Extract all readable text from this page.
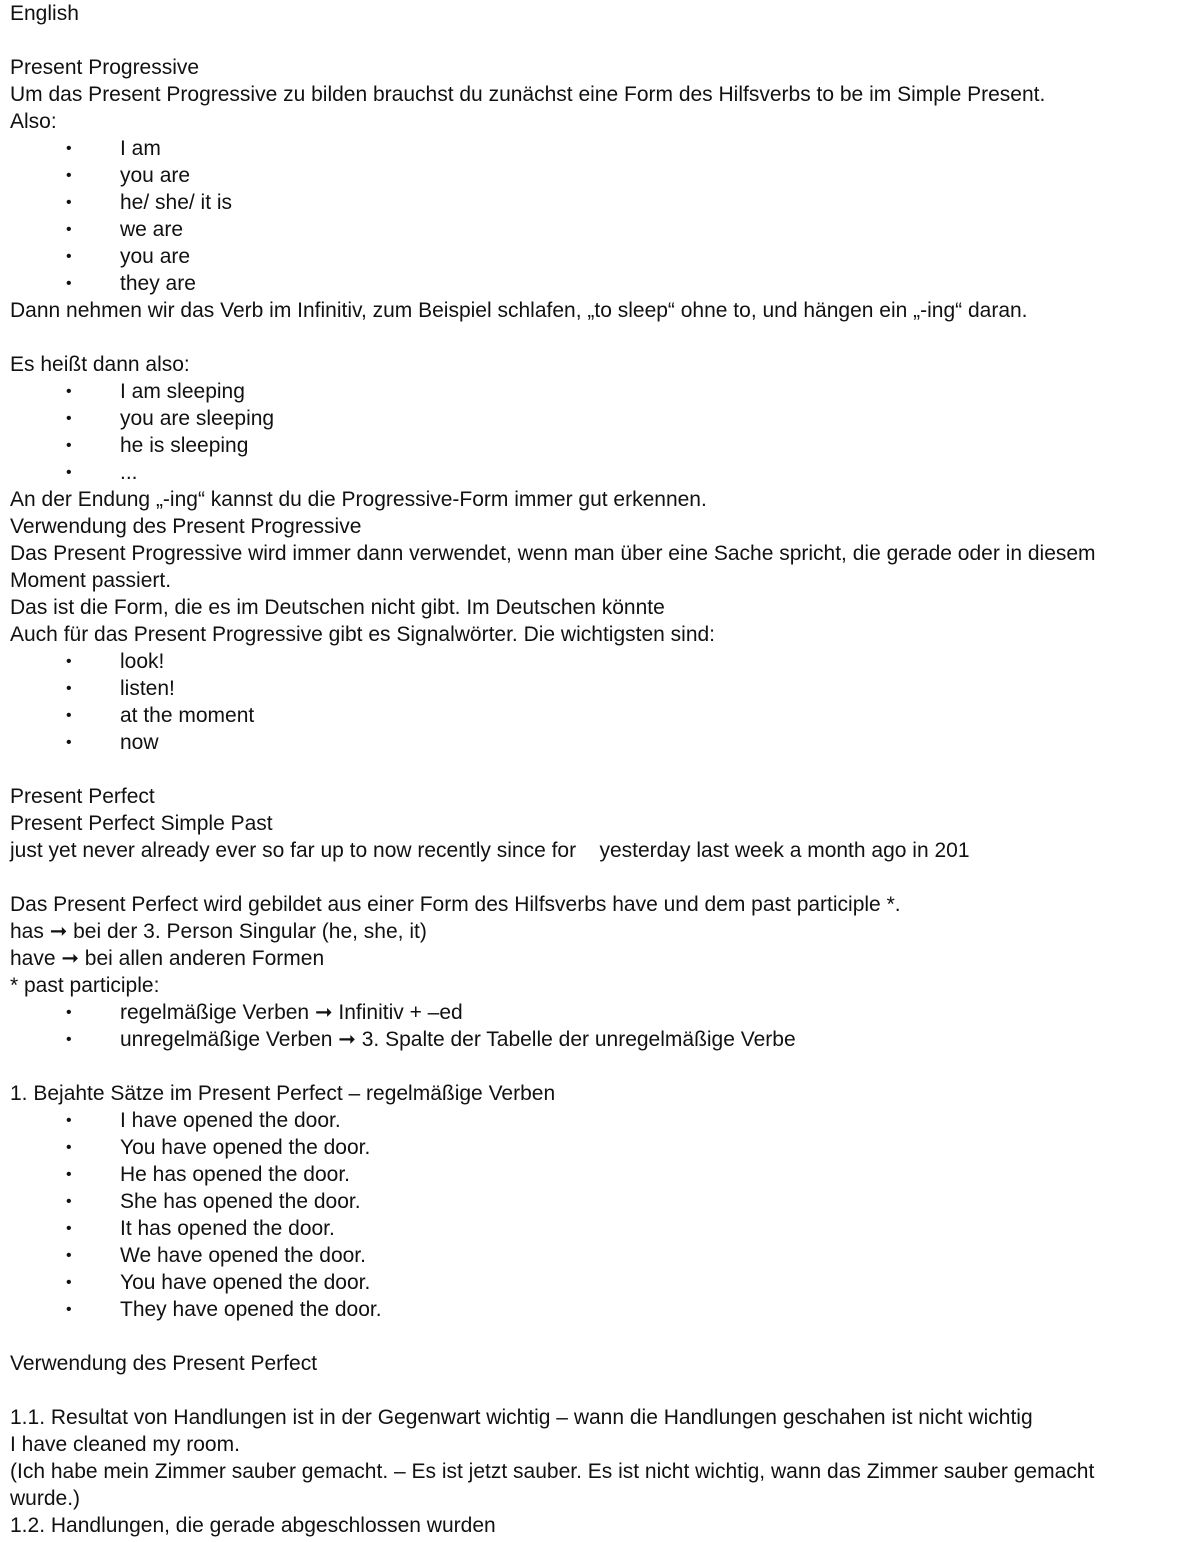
English
Present Progressive
Um das Present Progressive zu bilden brauchst du zunächst eine Form des Hilfsverbs to be im Simple Present.
Also:
• I am
• you are
• he/ she/ it is
• we are
• you are
• they are
Dann nehmen wir das Verb im Infinitiv, zum Beispiel schlafen, „to sleep“ ohne to, und hängen ein „-ing“ daran.
Es heißt dann also:
• I am sleeping
• you are sleeping
• he is sleeping
• ...
An der Endung „-ing“ kannst du die Progressive-Form immer gut erkennen.
Verwendung des Present Progressive
Das Present Progressive wird immer dann verwendet, wenn man über eine Sache spricht, die gerade oder in diesem Moment passiert.
Das ist die Form, die es im Deutschen nicht gibt. Im Deutschen könnte
Auch für das Present Progressive gibt es Signalwörter. Die wichtigsten sind:
• look!
• listen!
• at the moment
• now
Present Perfect
Present Perfect Simple Past
just yet never already ever so far up to now recently since for    yesterday last week a month ago in 201
Das Present Perfect wird gebildet aus einer Form des Hilfsverbs have und dem past participle *.
has ➞ bei der 3. Person Singular (he, she, it)
have ➞ bei allen anderen Formen
* past participle:
• regelmäßige Verben ➞ Infinitiv + –ed
• unregelmäßige Verben ➞ 3. Spalte der Tabelle der unregelmäßige Verbe
1. Bejahte Sätze im Present Perfect – regelmäßige Verben
• I have opened the door.
• You have opened the door.
• He has opened the door.
• She has opened the door.
• It has opened the door.
• We have opened the door.
• You have opened the door.
• They have opened the door.
Verwendung des Present Perfect
1.1. Resultat von Handlungen ist in der Gegenwart wichtig – wann die Handlungen geschahen ist nicht wichtig
I have cleaned my room.
(Ich habe mein Zimmer sauber gemacht. – Es ist jetzt sauber. Es ist nicht wichtig, wann das Zimmer sauber gemacht wurde.)
1.2. Handlungen, die gerade abgeschlossen wurden
